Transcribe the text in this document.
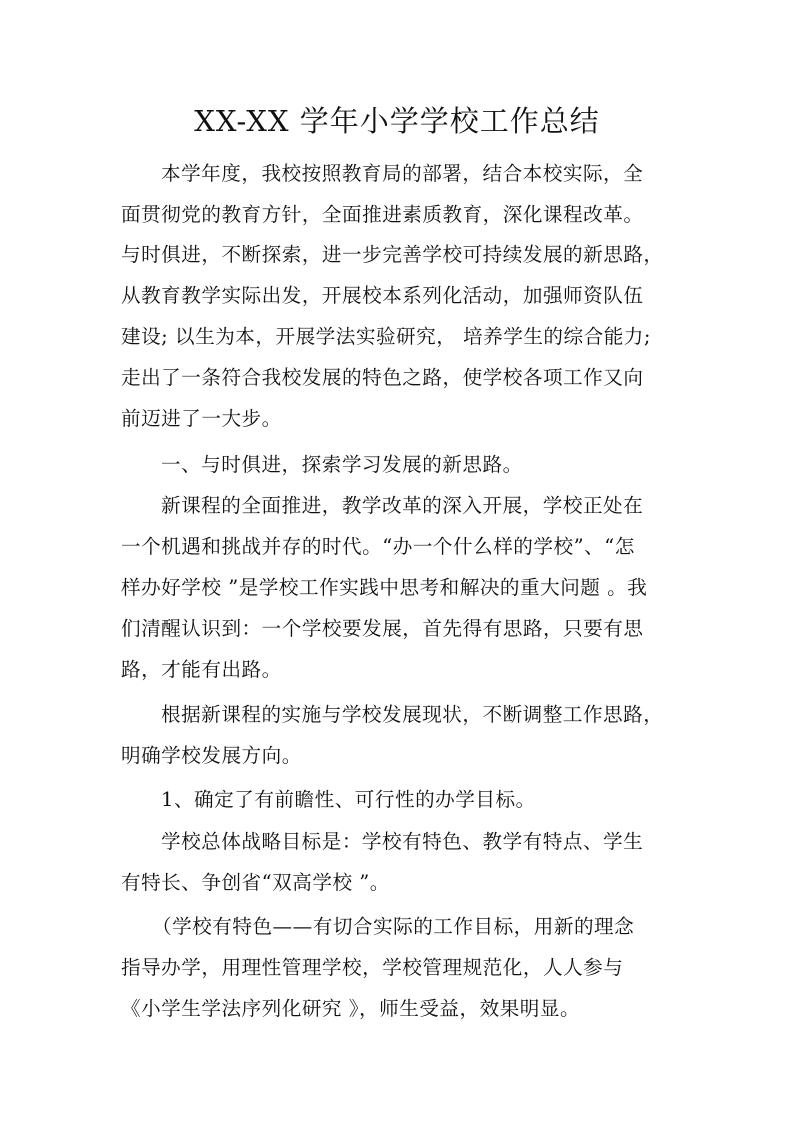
XX-XX 学年小学学校工作总结
本学年度，我校按照教育局的部署，结合本校实际，全
面贯彻党的教育方针，全面推进素质教育，深化课程改革。
与时俱进，不断探索，进一步完善学校可持续发展的新思路，
从教育教学实际出发，开展校本系列化活动，加强师资队伍
建设; 以生为本，开展学法实验研究， 培养学生的综合能力;
走出了一条符合我校发展的特色之路，使学校各项工作又向
前迈进了一大步。
一、与时俱进，探索学习发展的新思路。
新课程的全面推进，教学改革的深入开展，学校正处在
一个机遇和挑战并存的时代。“办一个什么样的学校”、“怎
样办好学校 ”是学校工作实践中思考和解决的重大问题 。我
们清醒认识到：一个学校要发展，首先得有思路，只要有思
路，才能有出路。
根据新课程的实施与学校发展现状，不断调整工作思路，
明确学校发展方向。
1、确定了有前瞻性、可行性的办学目标。
学校总体战略目标是：学校有特色、教学有特点、学生
有特长、争创省“双高学校 ”。
（学校有特色——有切合实际的工作目标，用新的理念
指导办学，用理性管理学校，学校管理规范化，人人参与
《小学生学法序列化研究 》，师生受益，效果明显。
